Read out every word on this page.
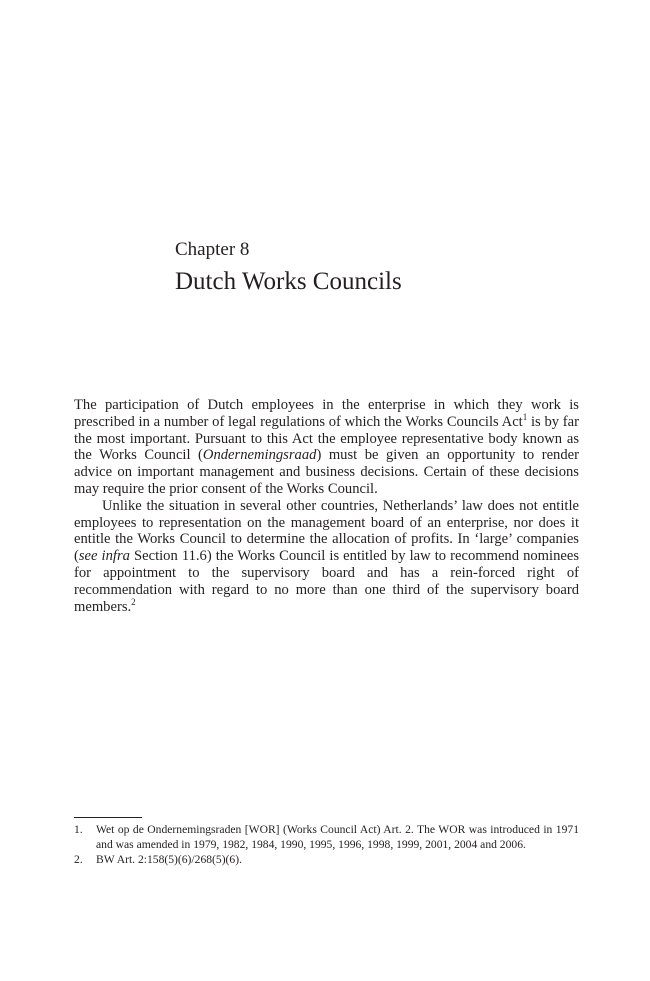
Chapter 8
Dutch Works Councils

The participation of Dutch employees in the enterprise in which they work is prescribed in a number of legal regulations of which the Works Councils Act$^1$ is by far the most important. Pursuant to this Act the employee representative body known as the Works Council (Ondernemingsraad) must be given an opportunity to render advice on important management and business decisions. Certain of these decisions may require the prior consent of the Works Council.

Unlike the situation in several other countries, Netherlands’ law does not entitle employees to representation on the management board of an enterprise, nor does it entitle the Works Council to determine the allocation of profits. In ‘large’ companies (see infra Section 11.6) the Works Council is entitled by law to recommend nominees for appointment to the supervisory board and has a rein-forced right of recommendation with regard to no more than one third of the supervisory board members.$^2$

1. Wet op de Ondernemingsraden [WOR] (Works Council Act) Art. 2. The WOR was introduced in 1971 and was amended in 1979, 1982, 1984, 1990, 1995, 1996, 1998, 1999, 2001, 2004 and 2006.
2. BW Art. 2:158(5)(6)/268(5)(6).
